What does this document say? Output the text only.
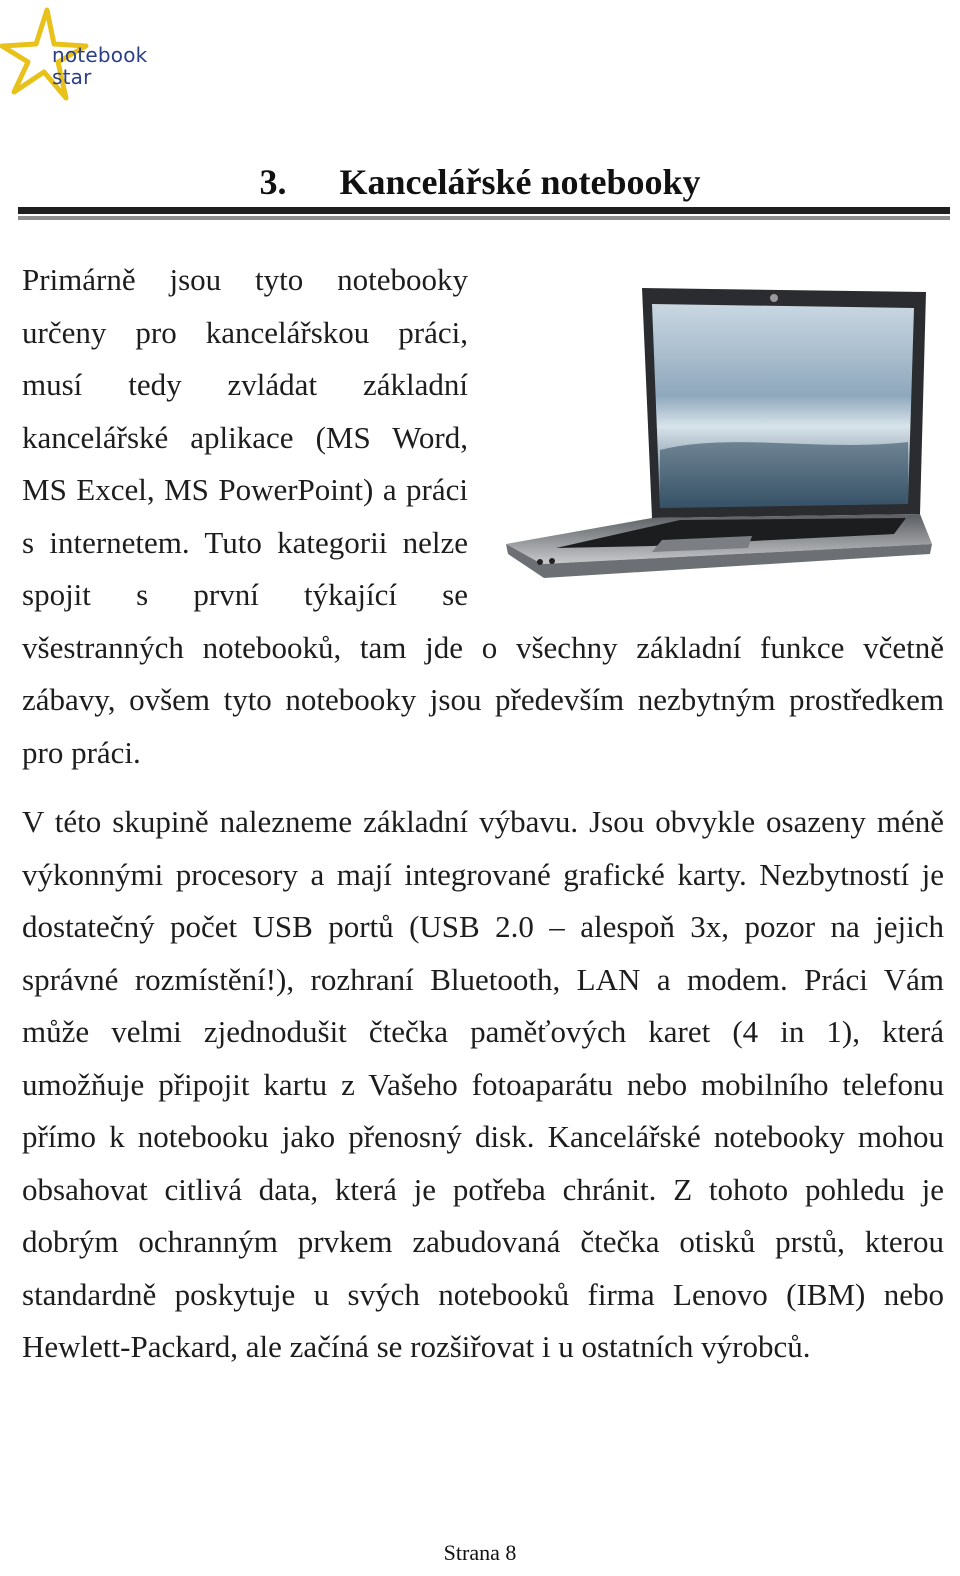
notebook
star
3. Kancelářské notebooky
Primárně jsou tyto notebooky určeny pro kancelářskou práci, musí tedy zvládat základní kancelářské aplikace (MS Word, MS Excel, MS PowerPoint) a práci s internetem. Tuto kategorii nelze spojit s první týkající se všestranných notebooků, tam jde o všechny základní funkce včetně zábavy, ovšem tyto notebooky jsou především nezbytným prostředkem pro práci.
V této skupině nalezneme základní výbavu. Jsou obvykle osazeny méně výkonnými procesory a mají integrované grafické karty. Nezbytností je dostatečný počet USB portů (USB 2.0 – alespoň 3x, pozor na jejich správné rozmístění!), rozhraní Bluetooth, LAN a modem. Práci Vám může velmi zjednodušit čtečka paměťových karet (4 in 1), která umožňuje připojit kartu z Vašeho fotoaparátu nebo mobilního telefonu přímo k notebooku jako přenosný disk. Kancelářské notebooky mohou obsahovat citlivá data, která je potřeba chránit. Z tohoto pohledu je dobrým ochranným prvkem zabudovaná čtečka otisků prstů, kterou standardně poskytuje u svých notebooků firma Lenovo (IBM) nebo Hewlett-Packard, ale začíná se rozšiřovat i u ostatních výrobců.
Strana 8
